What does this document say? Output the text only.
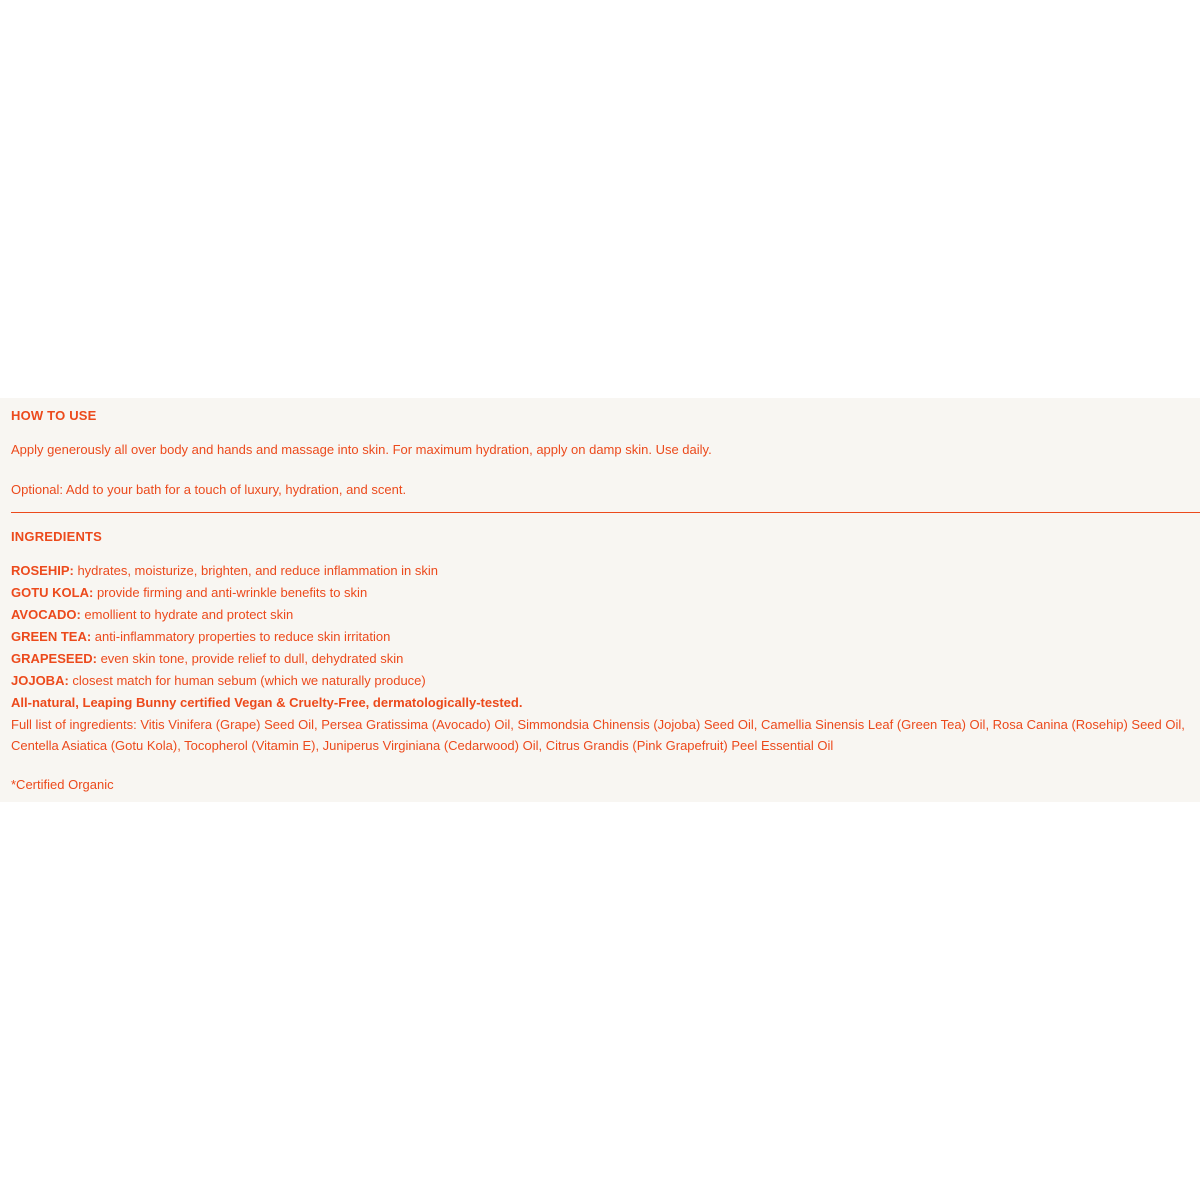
HOW TO USE

Apply generously all over body and hands and massage into skin. For maximum hydration, apply on damp skin. Use daily.

Optional: Add to your bath for a touch of luxury, hydration, and scent.

INGREDIENTS

ROSEHIP: hydrates, moisturize, brighten, and reduce inflammation in skin

GOTU KOLA: provide firming and anti-wrinkle benefits to skin

AVOCADO: emollient to hydrate and protect skin

GREEN TEA: anti-inflammatory properties to reduce skin irritation

GRAPESEED: even skin tone, provide relief to dull, dehydrated skin

JOJOBA: closest match for human sebum (which we naturally produce)

All-natural, Leaping Bunny certified Vegan & Cruelty-Free, dermatologically-tested.

Full list of ingredients: Vitis Vinifera (Grape) Seed Oil, Persea Gratissima (Avocado) Oil, Simmondsia Chinensis (Jojoba) Seed Oil, Camellia Sinensis Leaf (Green Tea) Oil, Rosa Canina (Rosehip) Seed Oil, Centella Asiatica (Gotu Kola), Tocopherol (Vitamin E), Juniperus Virginiana (Cedarwood) Oil, Citrus Grandis (Pink Grapefruit) Peel Essential Oil

*Certified Organic
